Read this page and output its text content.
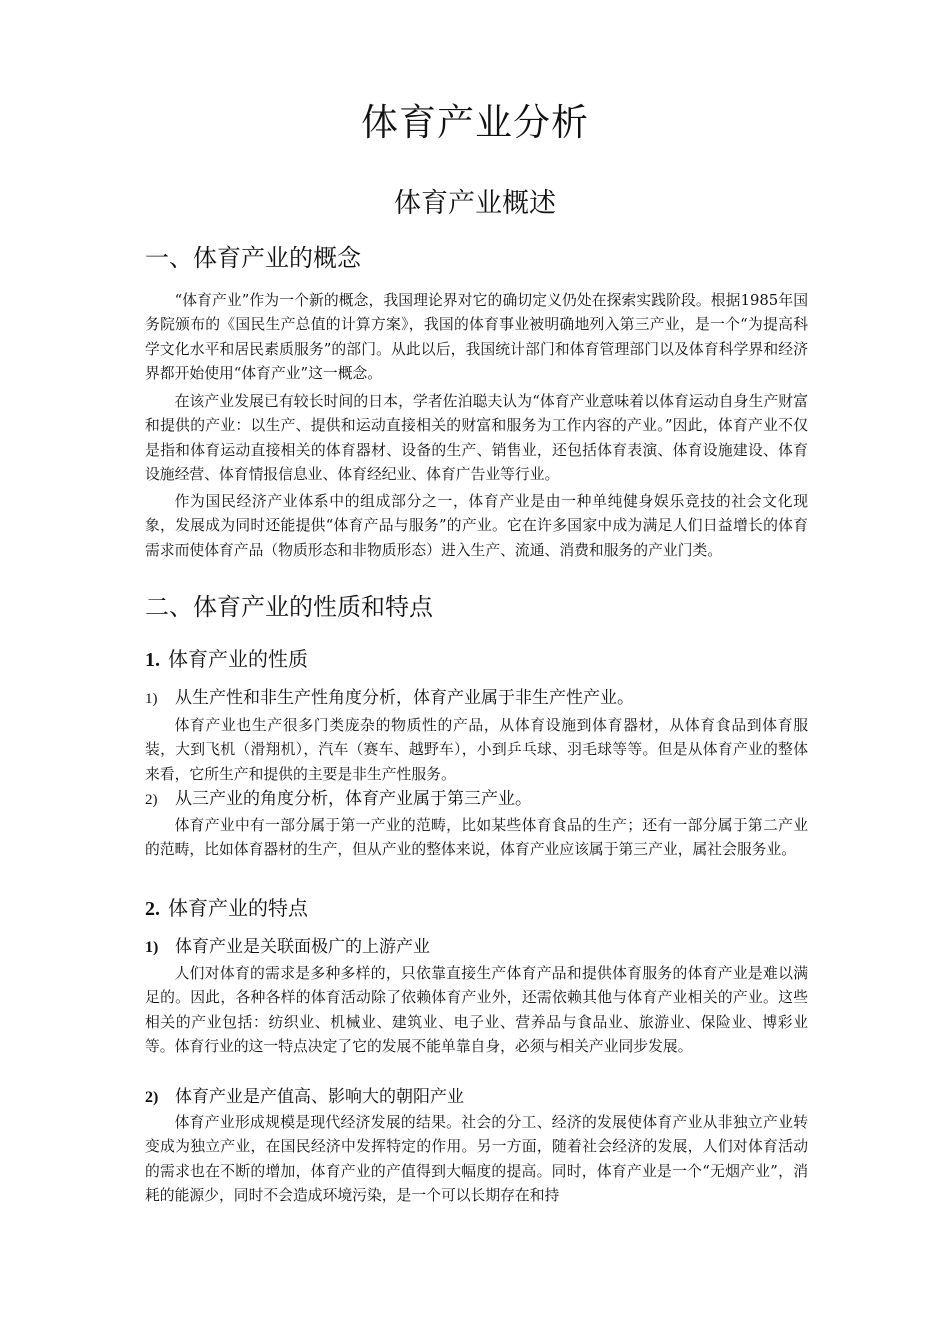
体育产业分析
体育产业概述
一、体育产业的概念

“体育产业”作为一个新的概念，我国理论界对它的确切定义仍处在探索实践阶段。根据1985年国务院颁布的《国民生产总值的计算方案》，我国的体育事业被明确地列入第三产业，是一个“为提高科学文化水平和居民素质服务”的部门。从此以后，我国统计部门和体育管理部门以及体育科学界和经济界都开始使用“体育产业”这一概念。

在该产业发展已有较长时间的日本，学者佐泊聪夫认为“体育产业意味着以体育运动自身生产财富和提供的产业：以生产、提供和运动直接相关的财富和服务为工作内容的产业。”因此，体育产业不仅是指和体育运动直接相关的体育器材、设备的生产、销售业，还包括体育表演、体育设施建设、体育设施经营、体育情报信息业、体育经纪业、体育广告业等行业。

作为国民经济产业体系中的组成部分之一，体育产业是由一种单纯健身娱乐竞技的社会文化现象，发展成为同时还能提供“体育产品与服务”的产业。它在许多国家中成为满足人们日益增长的体育需求而使体育产品（物质形态和非物质形态）进入生产、流通、消费和服务的产业门类。

二、体育产业的性质和特点
1. 体育产业的性质
1) 从生产性和非生产性角度分析，体育产业属于非生产性产业。

体育产业也生产很多门类庞杂的物质性的产品，从体育设施到体育器材，从体育食品到体育服装，大到飞机（滑翔机），汽车（赛车、越野车），小到乒乓球、羽毛球等等。但是从体育产业的整体来看，它所生产和提供的主要是非生产性服务。

2) 从三产业的角度分析，体育产业属于第三产业。

体育产业中有一部分属于第一产业的范畴，比如某些体育食品的生产；还有一部分属于第二产业的范畴，比如体育器材的生产，但从产业的整体来说，体育产业应该属于第三产业，属社会服务业。

2. 体育产业的特点
1) 体育产业是关联面极广的上游产业

人们对体育的需求是多种多样的，只依靠直接生产体育产品和提供体育服务的体育产业是难以满足的。因此，各种各样的体育活动除了依赖体育产业外，还需依赖其他与体育产业相关的产业。这些相关的产业包括：纺织业、机械业、建筑业、电子业、营养品与食品业、旅游业、保险业、博彩业等。体育行业的这一特点决定了它的发展不能单靠自身，必须与相关产业同步发展。

2) 体育产业是产值高、影响大的朝阳产业

体育产业形成规模是现代经济发展的结果。社会的分工、经济的发展使体育产业从非独立产业转变成为独立产业，在国民经济中发挥特定的作用。另一方面，随着社会经济的发展，人们对体育活动的需求也在不断的增加，体育产业的产值得到大幅度的提高。同时，体育产业是一个“无烟产业”，消耗的能源少，同时不会造成环境污染，是一个可以长期存在和持
